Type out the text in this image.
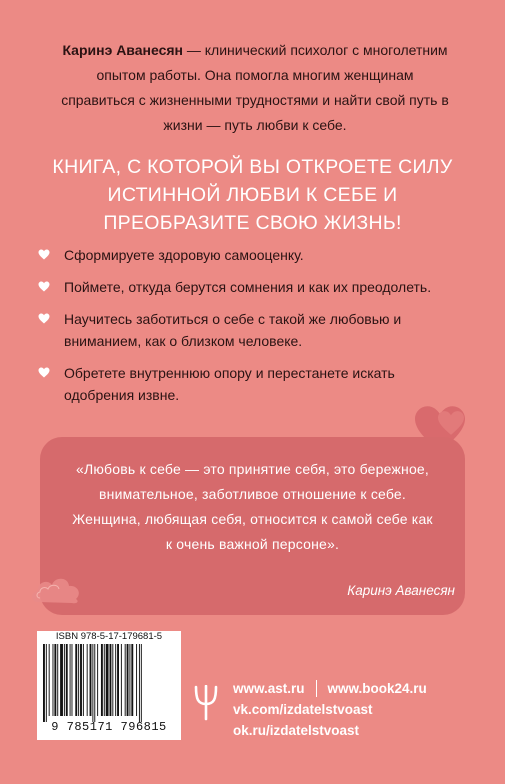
Каринэ Аванесян — клинический психолог с многолетним опытом работы. Она помогла многим женщинам справиться с жизненными трудностями и найти свой путь в жизни — путь любви к себе.
КНИГА, С КОТОРОЙ ВЫ ОТКРОЕТЕ СИЛУ ИСТИННОЙ ЛЮБВИ К СЕБЕ И ПРЕОБРАЗИТЕ СВОЮ ЖИЗНЬ!
Сформируете здоровую самооценку.
Поймете, откуда берутся сомнения и как их преодолеть.
Научитесь заботиться о себе с такой же любовью и вниманием, как о близком человеке.
Обретете внутреннюю опору и перестанете искать одобрения извне.
«Любовь к себе — это принятие себя, это бережное, внимательное, заботливое отношение к себе. Женщина, любящая себя, относится к самой себе как к очень важной персоне».
Каринэ Аванесян
ISBN 978-5-17-179681-5
9 785171 796815
www.ast.ru www.book24.ru
vk.com/izdatelstvoast
ok.ru/izdatelstvoast
